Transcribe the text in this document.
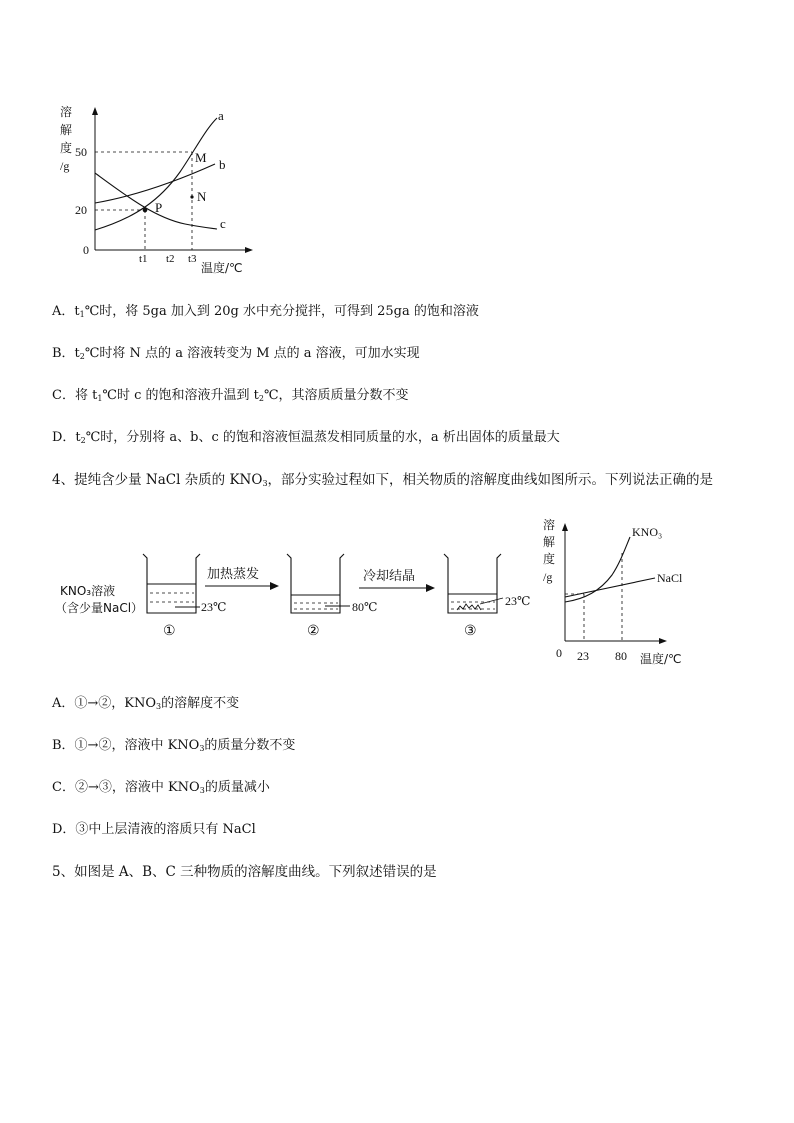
溶
解
度
/g
50
20
0
M
N
P
a
b
c
t1 t2 t3
温度/℃
A．$t_1℃$时，将 5ga 加入到 20g 水中充分搅拌，可得到 25ga 的饱和溶液
B．$t_2℃$时将 N 点的 a 溶液转变为 M 点的 a 溶液，可加水实现
C．将 $t_1℃$时 c 的饱和溶液升温到 $t_2℃$，其溶质质量分数不变
D．$t_2℃$时，分别将 a、b、c 的饱和溶液恒温蒸发相同质量的水，a 析出固体的质量最大
4、提纯含少量 NaCl 杂质的 $KNO_3$，部分实验过程如下，相关物质的溶解度曲线如图所示。下列说法正确的是
KNO₃溶液
（含少量NaCl）	23℃
①
加热蒸发
80℃
②
冷却结晶
23℃
③
溶
解
度
/g
KNO₃
NaCl
0 23 80 温度/℃
A．①→②，$KNO_3$的溶解度不变
B．①→②，溶液中 $KNO_3$的质量分数不变
C．②→③，溶液中 $KNO_3$的质量减小
D．③中上层清液的溶质只有 NaCl
5、如图是 A、B、C 三种物质的溶解度曲线。下列叙述错误的是
